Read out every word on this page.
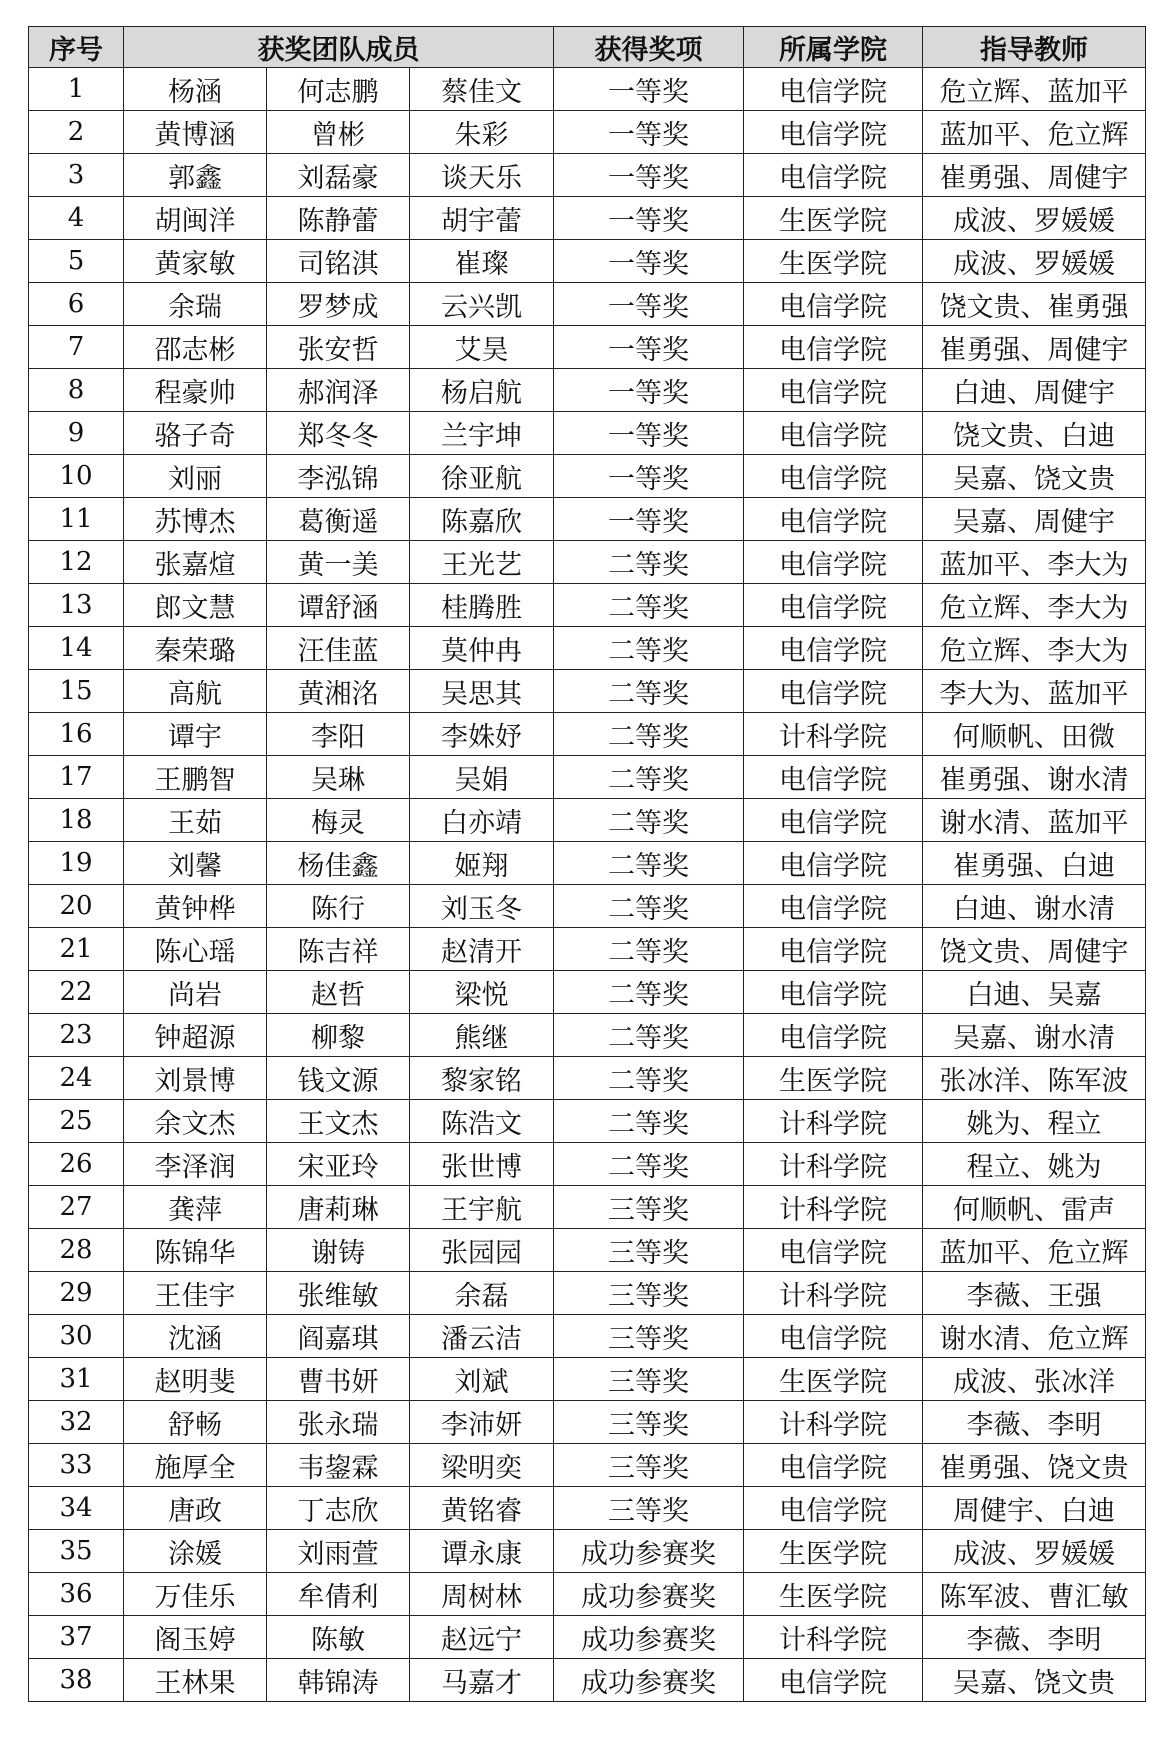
序号	获奖团队成员			获得奖项	所属学院	指导教师
1	杨涵	何志鹏	蔡佳文	一等奖	电信学院	危立辉、蓝加平
2	黄博涵	曾彬	朱彩	一等奖	电信学院	蓝加平、危立辉
3	郭鑫	刘磊豪	谈天乐	一等奖	电信学院	崔勇强、周健宇
4	胡闽洋	陈静蕾	胡宇蕾	一等奖	生医学院	成波、罗媛媛
5	黄家敏	司铭淇	崔璨	一等奖	生医学院	成波、罗媛媛
6	余瑞	罗梦成	云兴凯	一等奖	电信学院	饶文贵、崔勇强
7	邵志彬	张安哲	艾昊	一等奖	电信学院	崔勇强、周健宇
8	程豪帅	郝润泽	杨启航	一等奖	电信学院	白迪、周健宇
9	骆子奇	郑冬冬	兰宇坤	一等奖	电信学院	饶文贵、白迪
10	刘丽	李泓锦	徐亚航	一等奖	电信学院	吴嘉、饶文贵
11	苏博杰	葛衡遥	陈嘉欣	一等奖	电信学院	吴嘉、周健宇
12	张嘉煊	黄一美	王光艺	二等奖	电信学院	蓝加平、李大为
13	郎文慧	谭舒涵	桂腾胜	二等奖	电信学院	危立辉、李大为
14	秦荣璐	汪佳蓝	莫仲冉	二等奖	电信学院	危立辉、李大为
15	高航	黄湘洺	吴思其	二等奖	电信学院	李大为、蓝加平
16	谭宇	李阳	李姝妤	二等奖	计科学院	何顺帆、田微
17	王鹏智	吴琳	吴娟	二等奖	电信学院	崔勇强、谢水清
18	王茹	梅灵	白亦靖	二等奖	电信学院	谢水清、蓝加平
19	刘馨	杨佳鑫	姬翔	二等奖	电信学院	崔勇强、白迪
20	黄钟桦	陈行	刘玉冬	二等奖	电信学院	白迪、谢水清
21	陈心瑶	陈吉祥	赵清开	二等奖	电信学院	饶文贵、周健宇
22	尚岩	赵哲	梁悦	二等奖	电信学院	白迪、吴嘉
23	钟超源	柳黎	熊继	二等奖	电信学院	吴嘉、谢水清
24	刘景博	钱文源	黎家铭	二等奖	生医学院	张冰洋、陈军波
25	余文杰	王文杰	陈浩文	二等奖	计科学院	姚为、程立
26	李泽润	宋亚玲	张世博	二等奖	计科学院	程立、姚为
27	龚萍	唐莉琳	王宇航	三等奖	计科学院	何顺帆、雷声
28	陈锦华	谢铸	张园园	三等奖	电信学院	蓝加平、危立辉
29	王佳宇	张维敏	余磊	三等奖	计科学院	李薇、王强
30	沈涵	阎嘉琪	潘云洁	三等奖	电信学院	谢水清、危立辉
31	赵明斐	曹书妍	刘斌	三等奖	生医学院	成波、张冰洋
32	舒畅	张永瑞	李沛妍	三等奖	计科学院	李薇、李明
33	施厚全	韦鋆霖	梁明奕	三等奖	电信学院	崔勇强、饶文贵
34	唐政	丁志欣	黄铭睿	三等奖	电信学院	周健宇、白迪
35	涂媛	刘雨萱	谭永康	成功参赛奖	生医学院	成波、罗媛媛
36	万佳乐	牟倩利	周树林	成功参赛奖	生医学院	陈军波、曹汇敏
37	阁玉婷	陈敏	赵远宁	成功参赛奖	计科学院	李薇、李明
38	王林果	韩锦涛	马嘉才	成功参赛奖	电信学院	吴嘉、饶文贵
